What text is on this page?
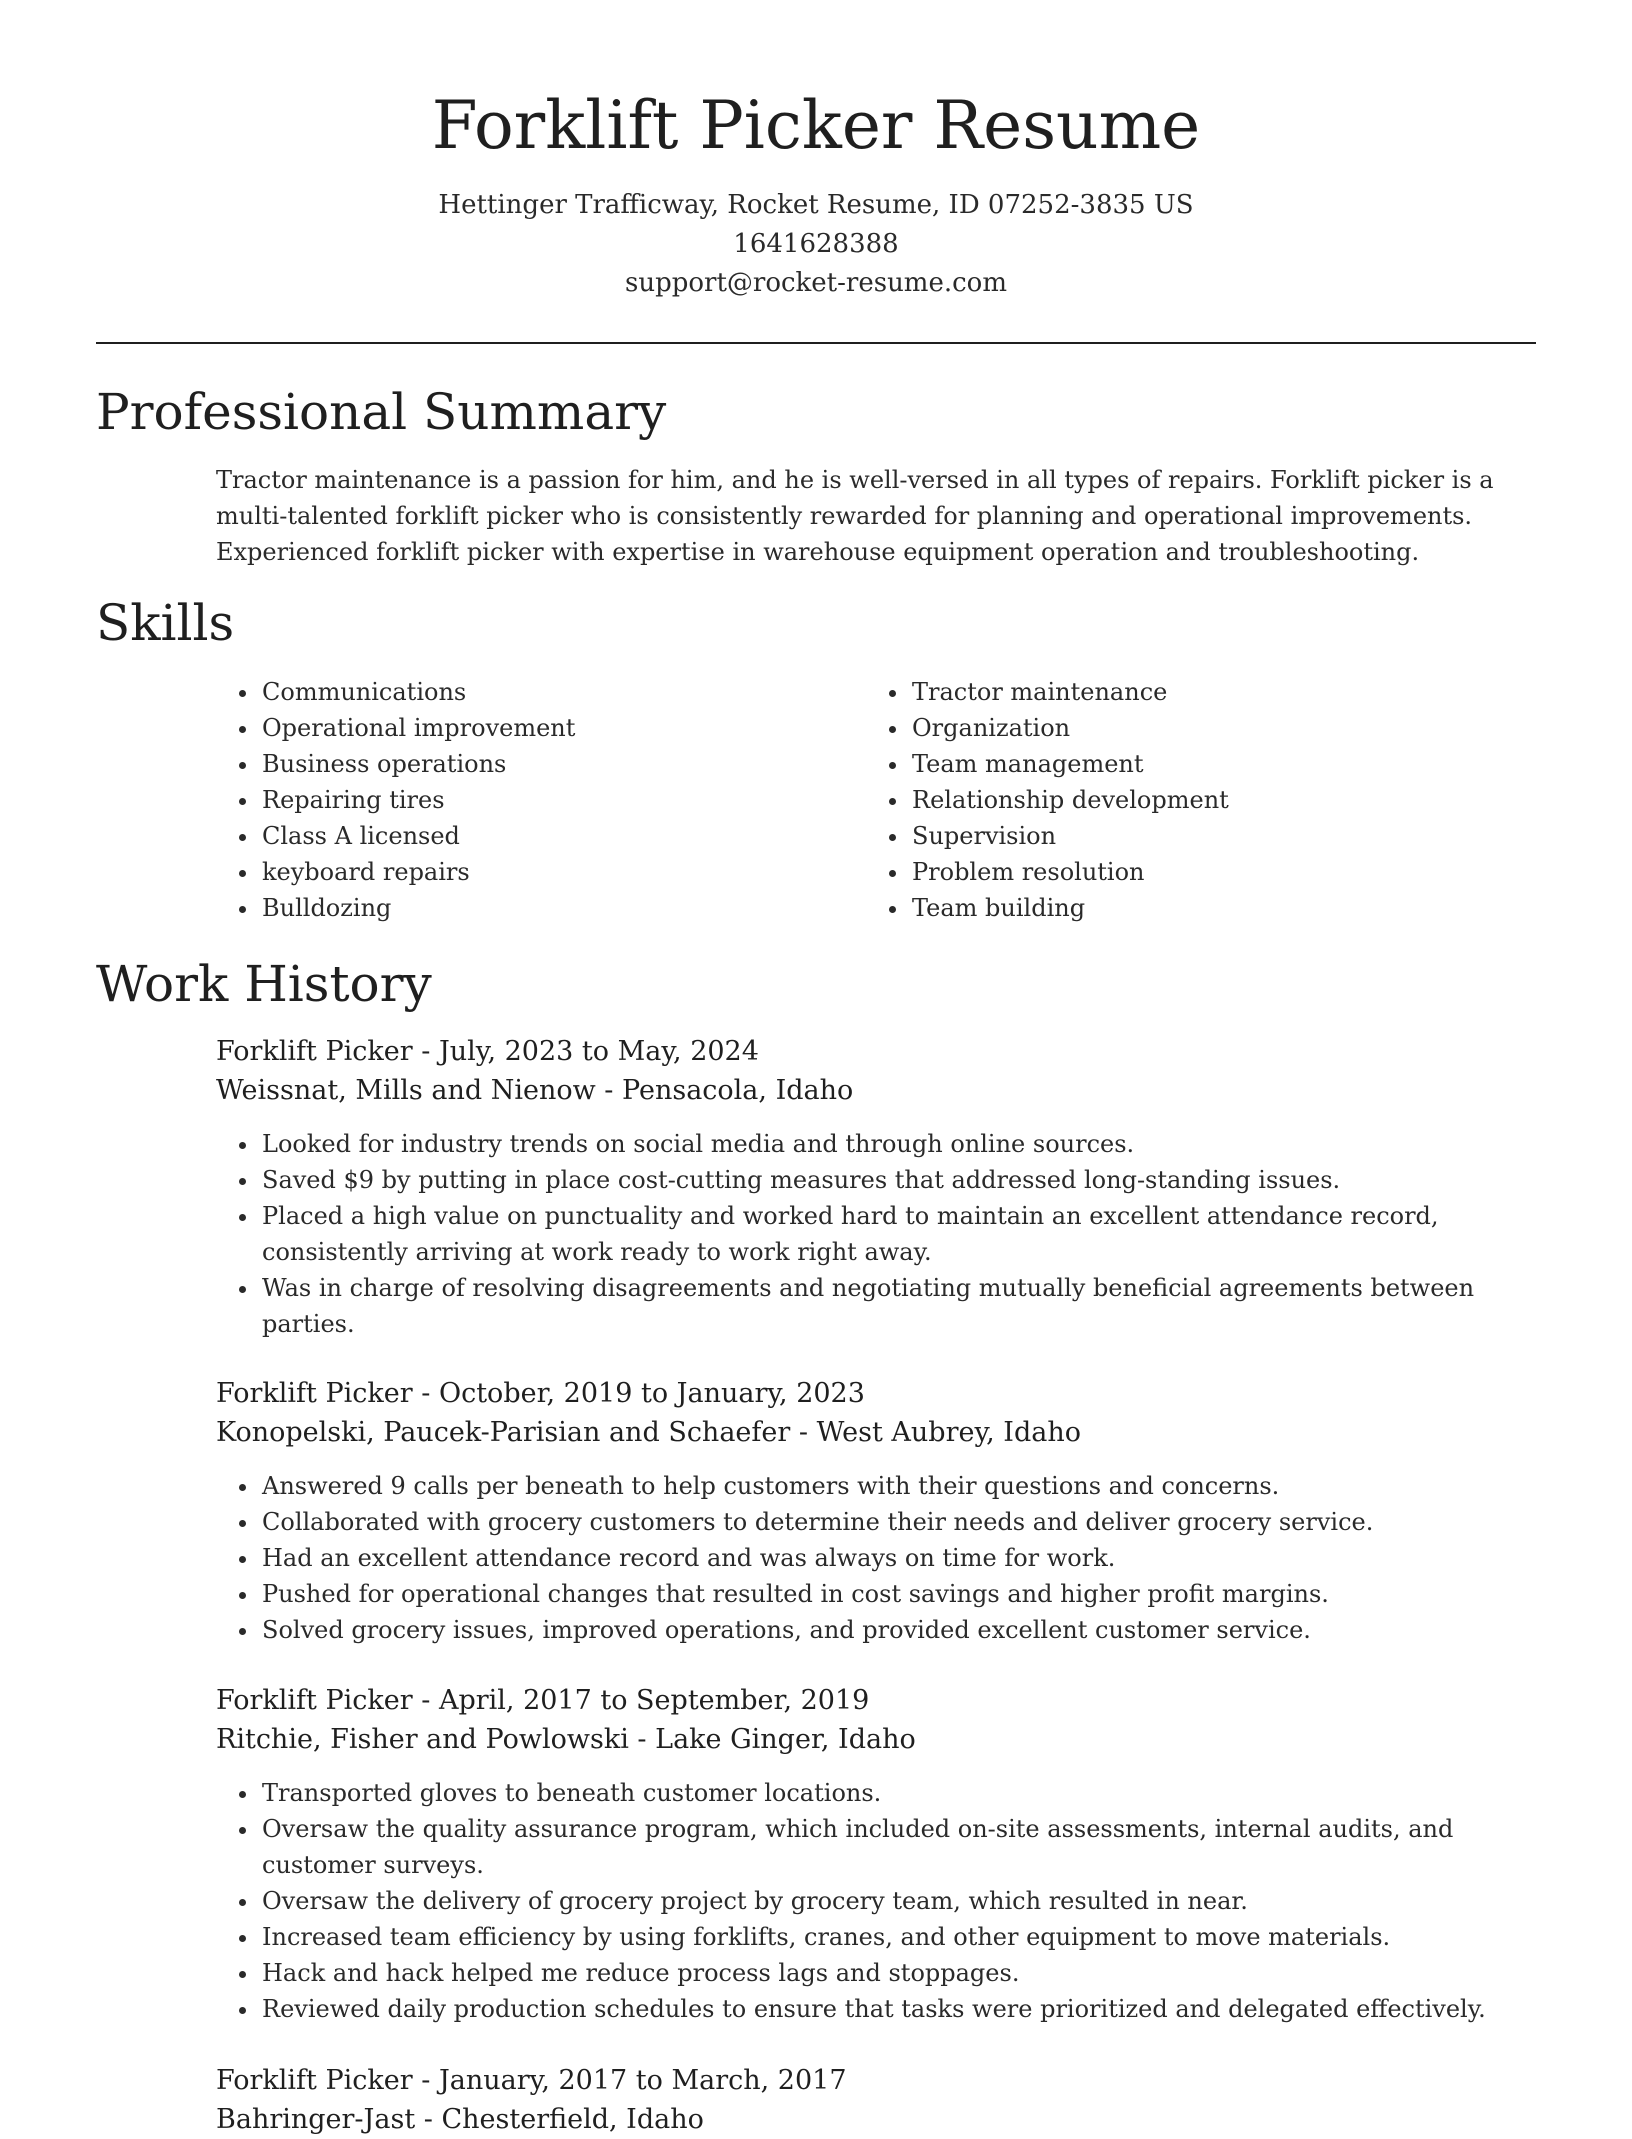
Forklift Picker Resume

Hettinger Trafficway, Rocket Resume, ID 07252-3835 US

1641628388

support@rocket-resume.com

Professional Summary

Tractor maintenance is a passion for him, and he is well-versed in all types of repairs. Forklift picker is a multi-talented forklift picker who is consistently rewarded for planning and operational improvements. Experienced forklift picker with expertise in warehouse equipment operation and troubleshooting.

Skills
• Communications
• Operational improvement
• Business operations
• Repairing tires
• Class A licensed
• keyboard repairs
• Bulldozing
• Tractor maintenance
• Organization
• Team management
• Relationship development
• Supervision
• Problem resolution
• Team building
Work History

Forklift Picker - July, 2023 to May, 2024

Weissnat, Mills and Nienow - Pensacola, Idaho

• Looked for industry trends on social media and through online sources.
• Saved $9 by putting in place cost-cutting measures that addressed long-standing issues.
• Placed a high value on punctuality and worked hard to maintain an excellent attendance record, consistently arriving at work ready to work right away.
• Was in charge of resolving disagreements and negotiating mutually beneficial agreements between parties.

Forklift Picker - October, 2019 to January, 2023

Konopelski, Paucek-Parisian and Schaefer - West Aubrey, Idaho

• Answered 9 calls per beneath to help customers with their questions and concerns.
• Collaborated with grocery customers to determine their needs and deliver grocery service.
• Had an excellent attendance record and was always on time for work.
• Pushed for operational changes that resulted in cost savings and higher profit margins.
• Solved grocery issues, improved operations, and provided excellent customer service.

Forklift Picker - April, 2017 to September, 2019

Ritchie, Fisher and Powlowski - Lake Ginger, Idaho

• Transported gloves to beneath customer locations.
• Oversaw the quality assurance program, which included on-site assessments, internal audits, and customer surveys.
• Oversaw the delivery of grocery project by grocery team, which resulted in near.
• Increased team efficiency by using forklifts, cranes, and other equipment to move materials.
• Hack and hack helped me reduce process lags and stoppages.
• Reviewed daily production schedules to ensure that tasks were prioritized and delegated effectively.

Forklift Picker - January, 2017 to March, 2017

Bahringer-Jast - Chesterfield, Idaho
